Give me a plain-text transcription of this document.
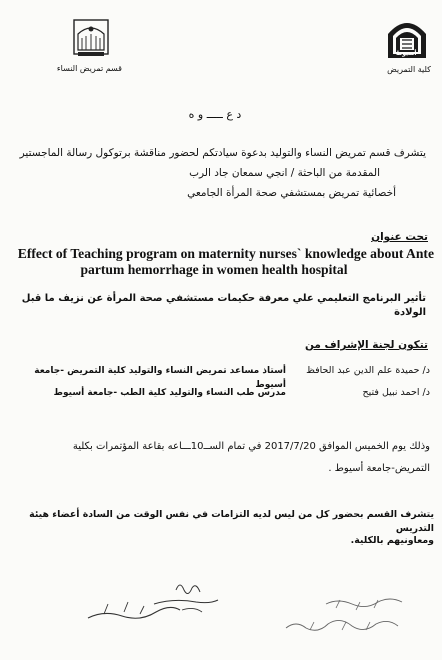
قسم تمريض النساء
أسيوط
كلية التمريض
د ع ـــــ و ه
يتشرف قسم تمريض النساء والتوليد بدعوة سيادتكم لحضور مناقشة برتوكول رسالة الماجستير
المقدمة من الباحثة / انجي سمعان جاد الرب
أخصائية تمريض بمستشفي صحة المرأة الجامعي
تحت عنوان
Effect of Teaching program on maternity nurses` knowledge about Ante
partum hemorrhage in women health hospital
تأثير البرنامج التعليمي علي معرفة حكيمات مستشفي صحة المرأة عن نزيف ما قبل الولادة
تتكون لجنة الإشراف من
د/ حميدة علم الدين عبد الحافظ
أستاذ مساعد تمريض النساء والتوليد كلية التمريض -جامعة أسيوط
د/ احمد نبيل فتيح
مدرس طب النساء والتوليد كلية الطب -جامعة أسيوط
وذلك يوم الخميس الموافق 2017/7/20 في تمام الســ10ـــاعه بقاعة المؤتمرات بكلية
التمريض-جامعة أسيوط .
يتشرف القسم بحضور كل من ليس لديه التزامات في نفس الوقت من السادة أعضاء هيئة التدريس
ومعاونيهم بالكلية.
